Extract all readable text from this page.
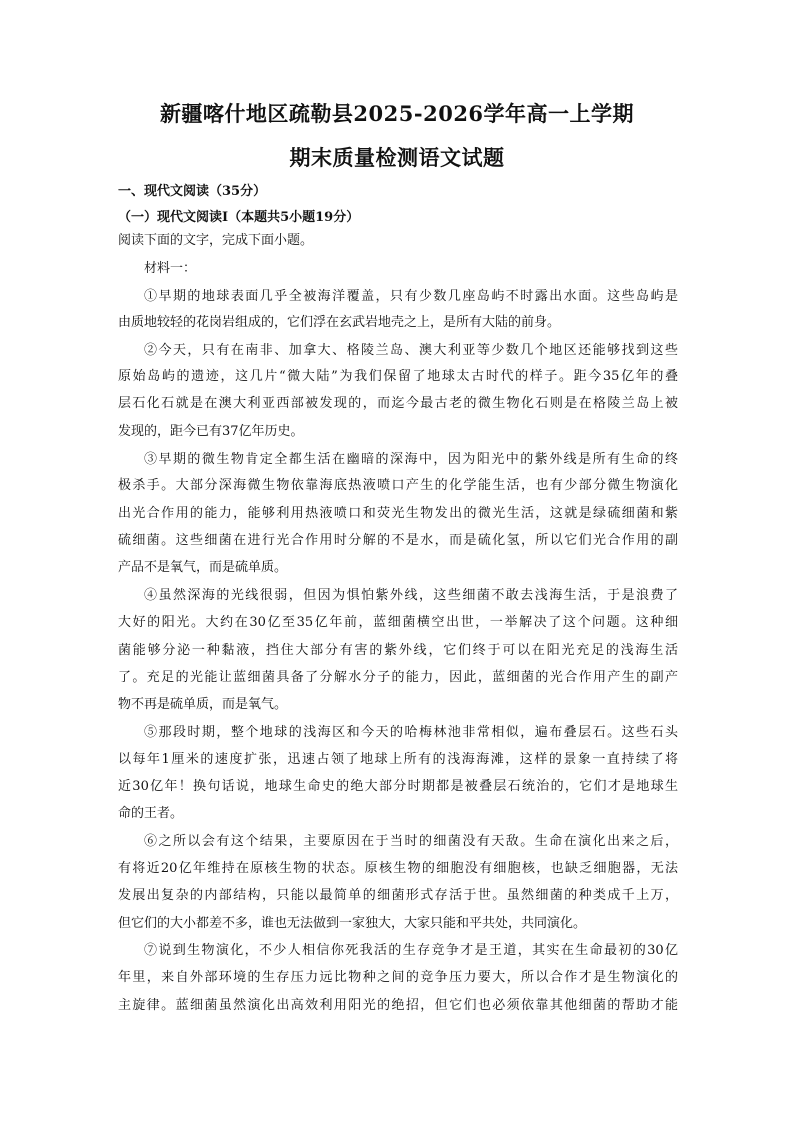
新疆喀什地区疏勒县2025-2026学年高一上学期
期末质量检测语文试题
一、现代文阅读（35分）
（一）现代文阅读I（本题共5小题19分）
阅读下面的文字，完成下面小题。
材料一：
①早期的地球表面几乎全被海洋覆盖，只有少数几座岛屿不时露出水面。这些岛屿是
由质地较轻的花岗岩组成的，它们浮在玄武岩地壳之上，是所有大陆的前身。
②今天，只有在南非、加拿大、格陵兰岛、澳大利亚等少数几个地区还能够找到这些
原始岛屿的遗迹，这几片“微大陆”为我们保留了地球太古时代的样子。距今35亿年的叠
层石化石就是在澳大利亚西部被发现的，而迄今最古老的微生物化石则是在格陵兰岛上被
发现的，距今已有37亿年历史。
③早期的微生物肯定全都生活在幽暗的深海中，因为阳光中的紫外线是所有生命的终
极杀手。大部分深海微生物依靠海底热液喷口产生的化学能生活，也有少部分微生物演化
出光合作用的能力，能够利用热液喷口和荧光生物发出的微光生活，这就是绿硫细菌和紫
硫细菌。这些细菌在进行光合作用时分解的不是水，而是硫化氢，所以它们光合作用的副
产品不是氧气，而是硫单质。
④虽然深海的光线很弱，但因为惧怕紫外线，这些细菌不敢去浅海生活，于是浪费了
大好的阳光。大约在30亿至35亿年前，蓝细菌横空出世，一举解决了这个问题。这种细
菌能够分泌一种黏液，挡住大部分有害的紫外线，它们终于可以在阳光充足的浅海生活
了。充足的光能让蓝细菌具备了分解水分子的能力，因此，蓝细菌的光合作用产生的副产
物不再是硫单质，而是氧气。
⑤那段时期，整个地球的浅海区和今天的哈梅林池非常相似，遍布叠层石。这些石头
以每年1厘米的速度扩张，迅速占领了地球上所有的浅海海滩，这样的景象一直持续了将
近30亿年！换句话说，地球生命史的绝大部分时期都是被叠层石统治的，它们才是地球生
命的王者。
⑥之所以会有这个结果，主要原因在于当时的细菌没有天敌。生命在演化出来之后，
有将近20亿年维持在原核生物的状态。原核生物的细胞没有细胞核，也缺乏细胞器，无法
发展出复杂的内部结构，只能以最简单的细菌形式存活于世。虽然细菌的种类成千上万，
但它们的大小都差不多，谁也无法做到一家独大，大家只能和平共处，共同演化。
⑦说到生物演化，不少人相信你死我活的生存竞争才是王道，其实在生命最初的30亿
年里，来自外部环境的生存压力远比物种之间的竞争压力要大，所以合作才是生物演化的
主旋律。蓝细菌虽然演化出高效利用阳光的绝招，但它们也必须依靠其他细菌的帮助才能
